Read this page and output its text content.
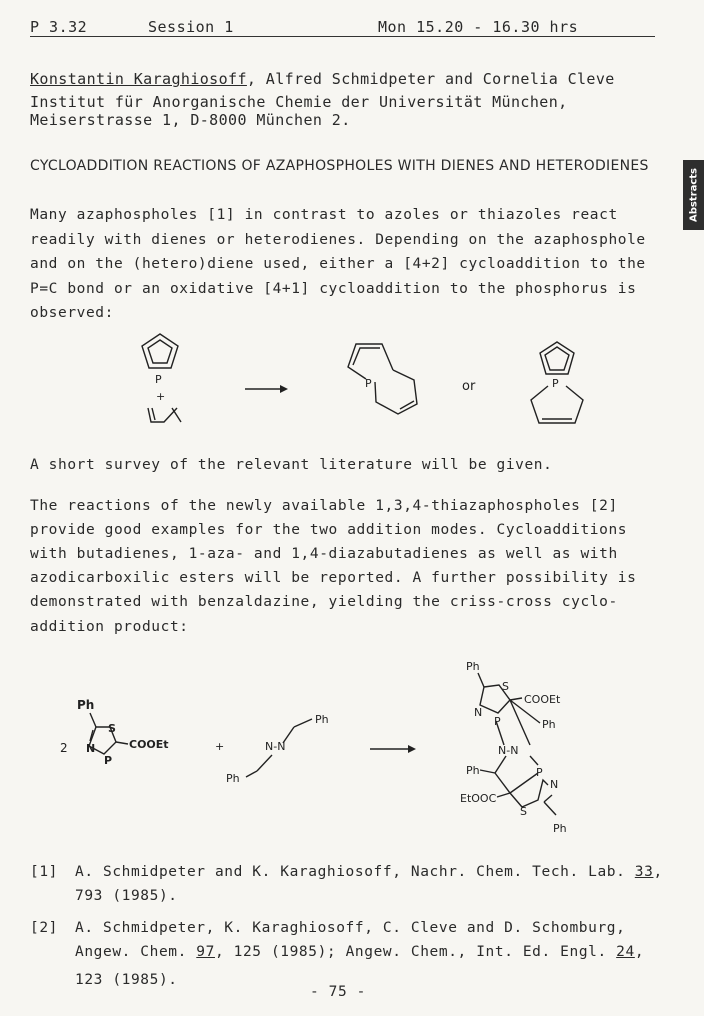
P 3.32	Session 1	Mon 15.20 - 16.30 hrs
Abstracts
Konstantin Karaghiosoff, Alfred Schmidpeter and Cornelia Cleve
Institut für Anorganische Chemie der Universität München,
Meiserstrasse 1, D-8000 München 2.
CYCLOADDITION REACTIONS OF AZAPHOSPHOLES WITH DIENES AND HETERODIENES
Many azaphospholes [1] in contrast to azoles or thiazoles react
readily with dienes or heterodienes. Depending on the azaphosphole
and on the (hetero)diene used, either a [4+2] cycloaddition to the
P=C bond or an oxidative [4+1] cycloaddition to the phosphorus is
observed:
P
+
P	or	P
A short survey of the relevant literature will be given.
The reactions of the newly available 1,3,4-thiazaphospholes [2]
provide good examples for the two addition modes. Cycloadditions
with butadienes, 1-aza- and 1,4-diazabutadienes as well as with
azodicarboxilic esters will be reported. A further possibility is
demonstrated with benzaldazine, yielding the criss-cross cyclo-
addition product:
2
Ph
S
N
P
COOEt	+
Ph
N-N
Ph
Ph
S
N
P
COOEt
Ph
N-N
P
Ph
EtOOC
S
N
Ph
[1] A. Schmidpeter and K. Karaghiosoff, Nachr. Chem. Tech. Lab. 33,
793 (1985).
[2] A. Schmidpeter, K. Karaghiosoff, C. Cleve and D. Schomburg,
Angew. Chem. 97, 125 (1985); Angew. Chem., Int. Ed. Engl. 24,
123 (1985).
- 75 -
